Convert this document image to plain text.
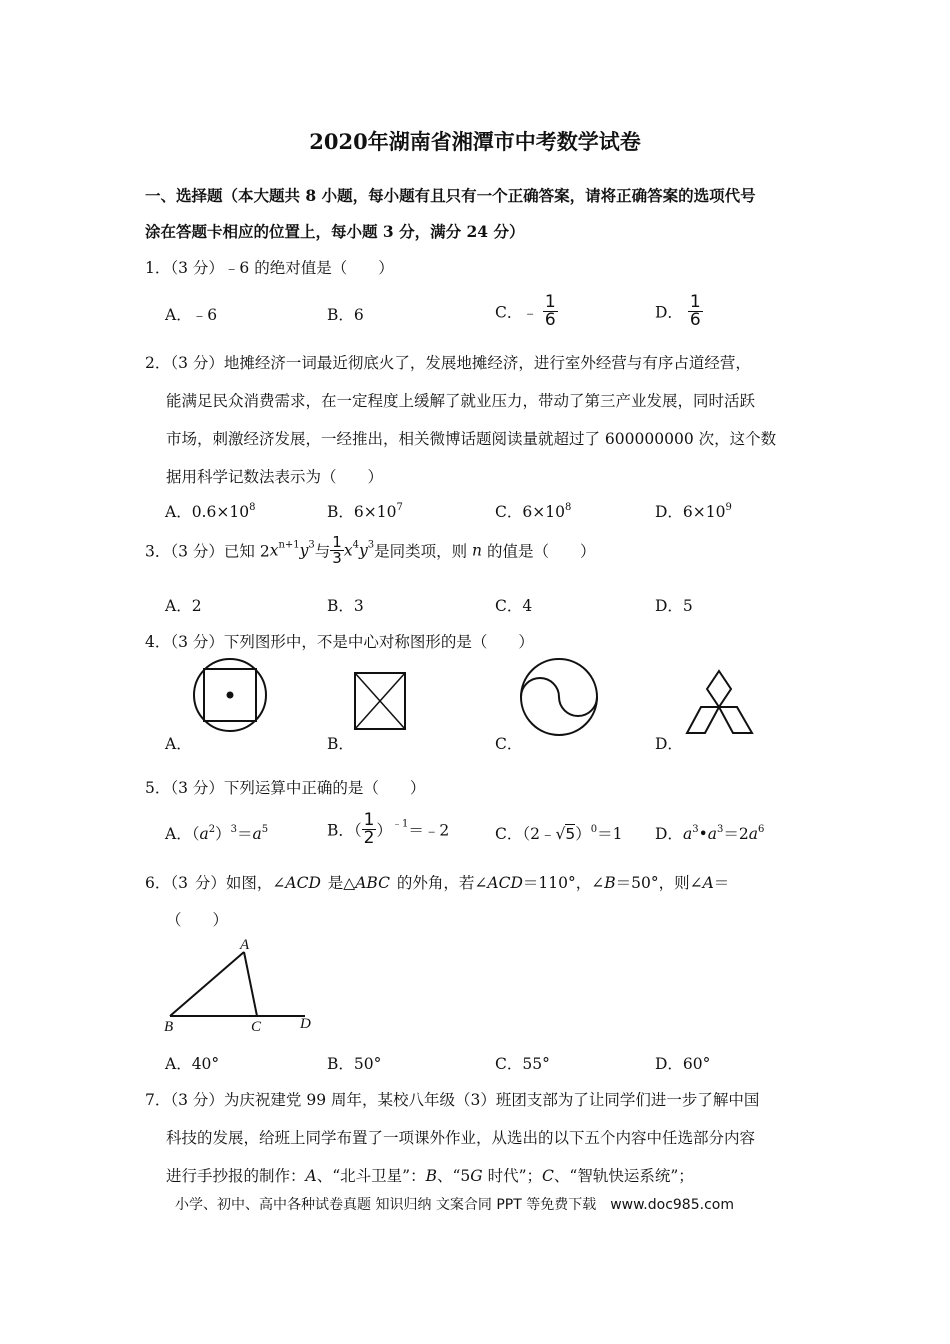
2020年湖南省湘潭市中考数学试卷
一、选择题（本大题共 8 小题，每小题有且只有一个正确答案，请将正确答案的选项代号
涂在答题卡相应的位置上，每小题 3 分，满分 24 分）
1．（3 分）﹣6 的绝对值是（　　）
A．﹣6	B．6	C．﹣ $\frac{1}{6}$	D． $\frac{1}{6}$
2．（3 分）地摊经济一词最近彻底火了，发展地摊经济，进行室外经营与有序占道经营，
能满足民众消费需求，在一定程度上缓解了就业压力，带动了第三产业发展，同时活跃
市场，刺激经济发展，一经推出，相关微博话题阅读量就超过了 600000000 次，这个数
据用科学记数法表示为（　　）
A．$0.6\times 10^8$	B．$6\times 10^7$	C．$6\times 10^8$	D．$6\times 10^9$
3．（3 分）已知 $2x^{n+1}y^3$与 $\frac{1}{3} x^4y^3$是同类项，则 n 的值是（　　）
A．2	B．3	C．4	D．5
4．（3 分）下列图形中，不是中心对称图形的是（　　）
A．	B．	C．	D．
5．（3 分）下列运算中正确的是（　　）
A．$(a^2)^3=a^5$	B．（ $\frac{1}{2}$ ）$^{﹣1}$＝﹣2	C．（2﹣√5）$^0$＝1 D．$a^3•a^3=2a^6$
6．（3 分）如图，∠ACD 是△ABC 的外角，若∠ACD＝110°，∠B＝50°，则∠A＝
（　　）
A
B	C	D
A．40°	B．50°	C．55°	D．60°
7．（3 分）为庆祝建党 99 周年，某校八年级（3）班团支部为了让同学们进一步了解中国
科技的发展，给班上同学布置了一项课外作业，从选出的以下五个内容中任选部分内容
进行手抄报的制作：A、“北斗卫星”：B、“5G 时代”；C、“智轨快运系统”；
小学、初中、高中各种试卷真题 知识归纳 文案合同 PPT 等免费下载　www.doc985.com
